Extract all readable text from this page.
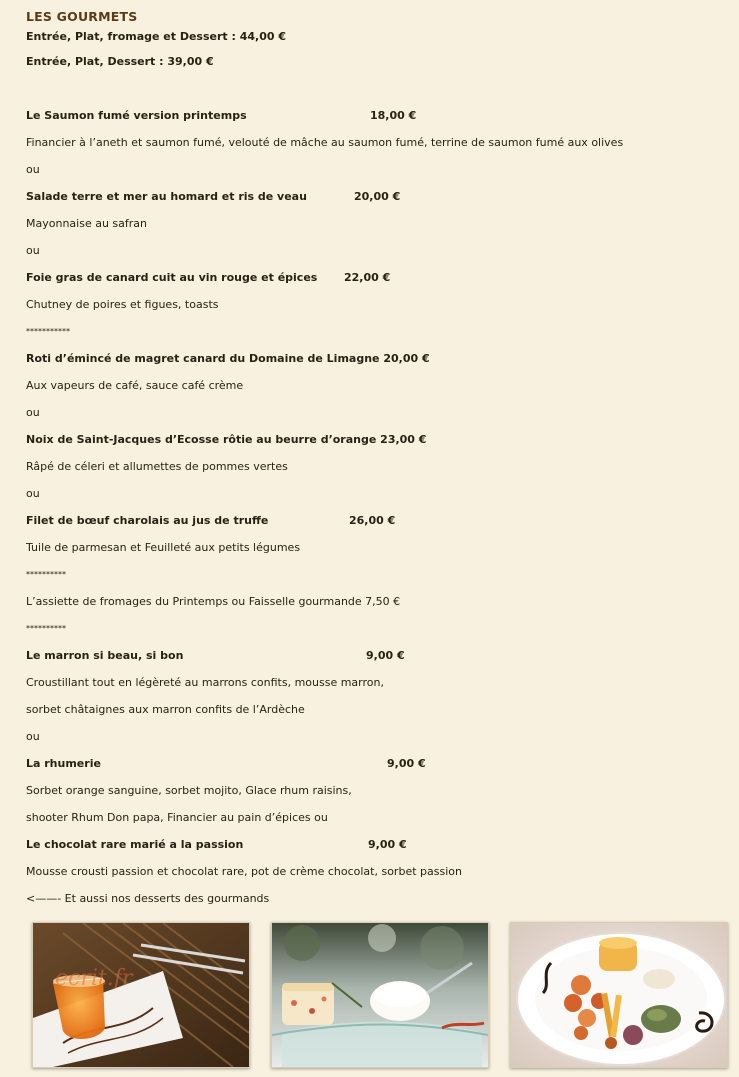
LES GOURMETS
Entrée, Plat, fromage et Dessert : 44,00 €
Entrée, Plat, Dessert : 39,00 €
Le Saumon fumé version printemps	18,00 €
Financier à l’aneth et saumon fumé, velouté de mâche au saumon fumé, terrine de saumon fumé aux olives
ou
Salade terre et mer au homard et ris de veau	20,00 €
Mayonnaise au safran
ou
Foie gras de canard cuit au vin rouge et épices 22,00 €
Chutney de poires et figues, toasts
***********
Roti d’émincé de magret canard du Domaine de Limagne 20,00 €
Aux vapeurs de café, sauce café crème
ou
Noix de Saint-Jacques d’Ecosse rôtie au beurre d’orange 23,00 €
Râpé de céleri et allumettes de pommes vertes
ou
Filet de bœuf charolais au jus de truffe	26,00 €
Tuile de parmesan et Feuilleté aux petits légumes
**********
L’assiette de fromages du Printemps ou Faisselle gourmande 7,50 €
**********
Le marron si beau, si bon	9,00 €
Croustillant tout en légèreté au marrons confits, mousse marron,
sorbet châtaignes aux marron confits de l’Ardèche
ou
La rhumerie	9,00 €
Sorbet orange sanguine, sorbet mojito, Glace rhum raisins,
shooter Rhum Don papa, Financier au pain d’épices ou
Le chocolat rare marié a la passion	9,00 €
Mousse crousti passion et chocolat rare, pot de crème chocolat, sorbet passion
<——- Et aussi nos desserts des gourmands
ecrit.fr
